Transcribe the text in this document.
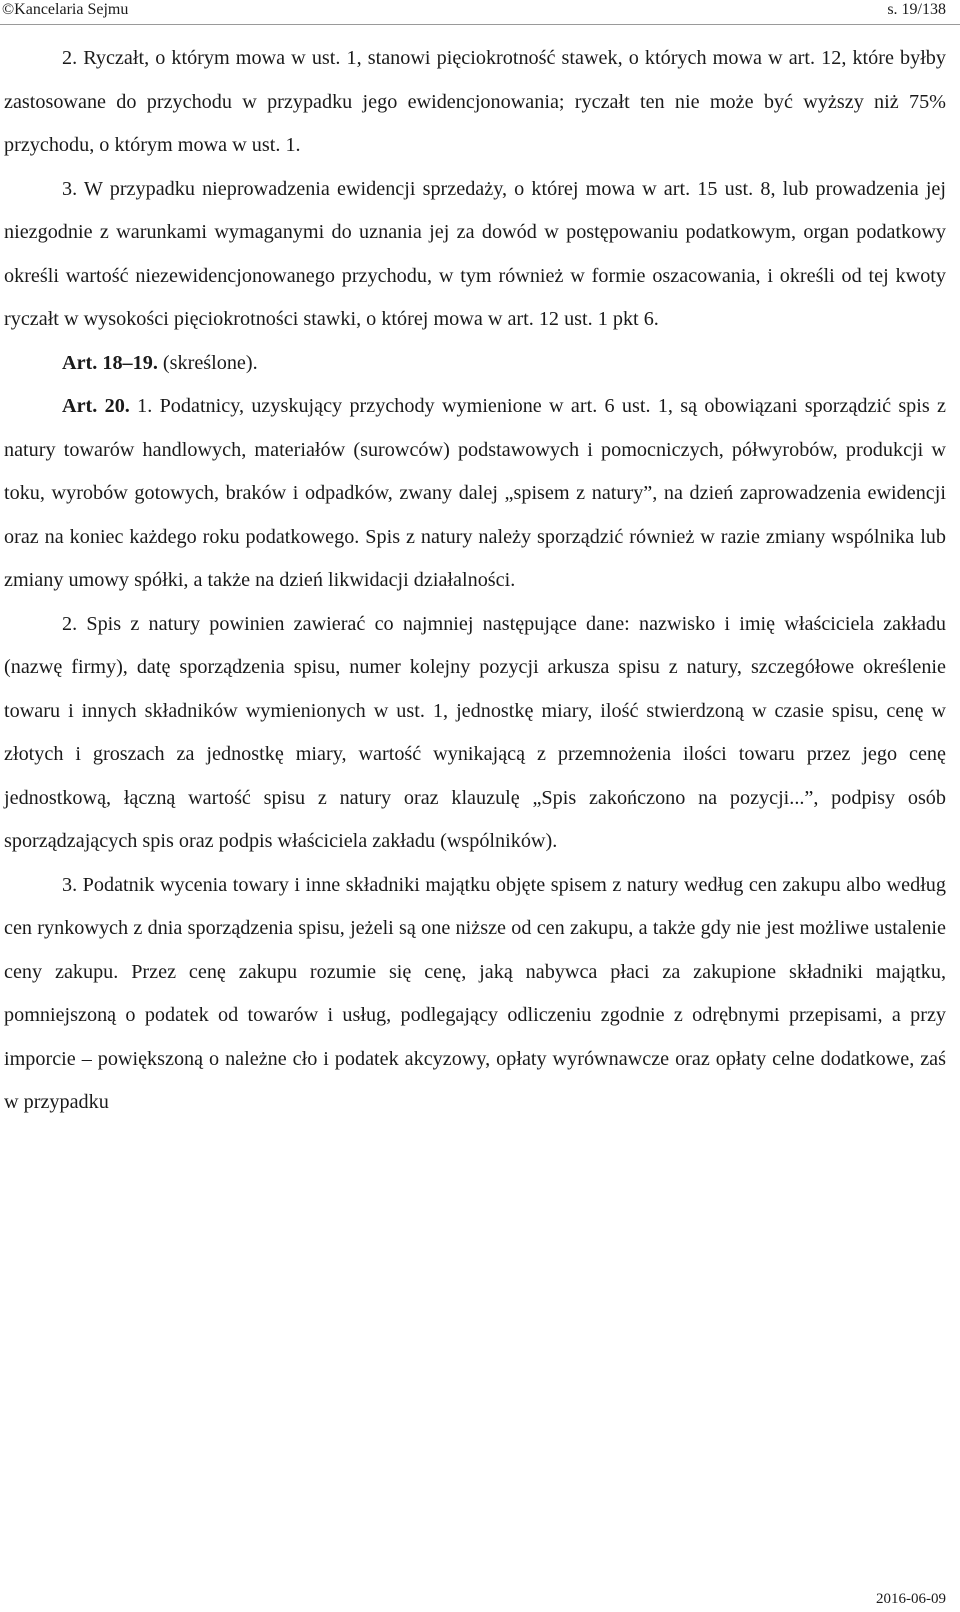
©Kancelaria Sejmu	s. 19/138

2. Ryczałt, o którym mowa w ust. 1, stanowi pięciokrotność stawek, o których mowa w art. 12, które byłby zastosowane do przychodu w przypadku jego ewidencjonowania; ryczałt ten nie może być wyższy niż 75% przychodu, o którym mowa w ust. 1.

3. W przypadku nieprowadzenia ewidencji sprzedaży, o której mowa w art. 15 ust. 8, lub prowadzenia jej niezgodnie z warunkami wymaganymi do uznania jej za dowód w postępowaniu podatkowym, organ podatkowy określi wartość niezewidencjonowanego przychodu, w tym również w formie oszacowania, i określi od tej kwoty ryczałt w wysokości pięciokrotności stawki, o której mowa w art. 12 ust. 1 pkt 6.

Art. 18–19. (skreślone).

Art. 20. 1. Podatnicy, uzyskujący przychody wymienione w art. 6 ust. 1, są obowiązani sporządzić spis z natury towarów handlowych, materiałów (surowców) podstawowych i pomocniczych, półwyrobów, produkcji w toku, wyrobów gotowych, braków i odpadków, zwany dalej „spisem z natury”, na dzień zaprowadzenia ewidencji oraz na koniec każdego roku podatkowego. Spis z natury należy sporządzić również w razie zmiany wspólnika lub zmiany umowy spółki, a także na dzień likwidacji działalności.

2. Spis z natury powinien zawierać co najmniej następujące dane: nazwisko i imię właściciela zakładu (nazwę firmy), datę sporządzenia spisu, numer kolejny pozycji arkusza spisu z natury, szczegółowe określenie towaru i innych składników wymienionych w ust. 1, jednostkę miary, ilość stwierdzoną w czasie spisu, cenę w złotych i groszach za jednostkę miary, wartość wynikającą z przemnożenia ilości towaru przez jego cenę jednostkową, łączną wartość spisu z natury oraz klauzulę „Spis zakończono na pozycji...”, podpisy osób sporządzających spis oraz podpis właściciela zakładu (wspólników).

3. Podatnik wycenia towary i inne składniki majątku objęte spisem z natury według cen zakupu albo według cen rynkowych z dnia sporządzenia spisu, jeżeli są one niższe od cen zakupu, a także gdy nie jest możliwe ustalenie ceny zakupu. Przez cenę zakupu rozumie się cenę, jaką nabywca płaci za zakupione składniki majątku, pomniejszoną o podatek od towarów i usług, podlegający odliczeniu zgodnie z odrębnymi przepisami, a przy imporcie – powiększoną o należne cło i podatek akcyzowy, opłaty wyrównawcze oraz opłaty celne dodatkowe, zaś w przypadku

2016-06-09
